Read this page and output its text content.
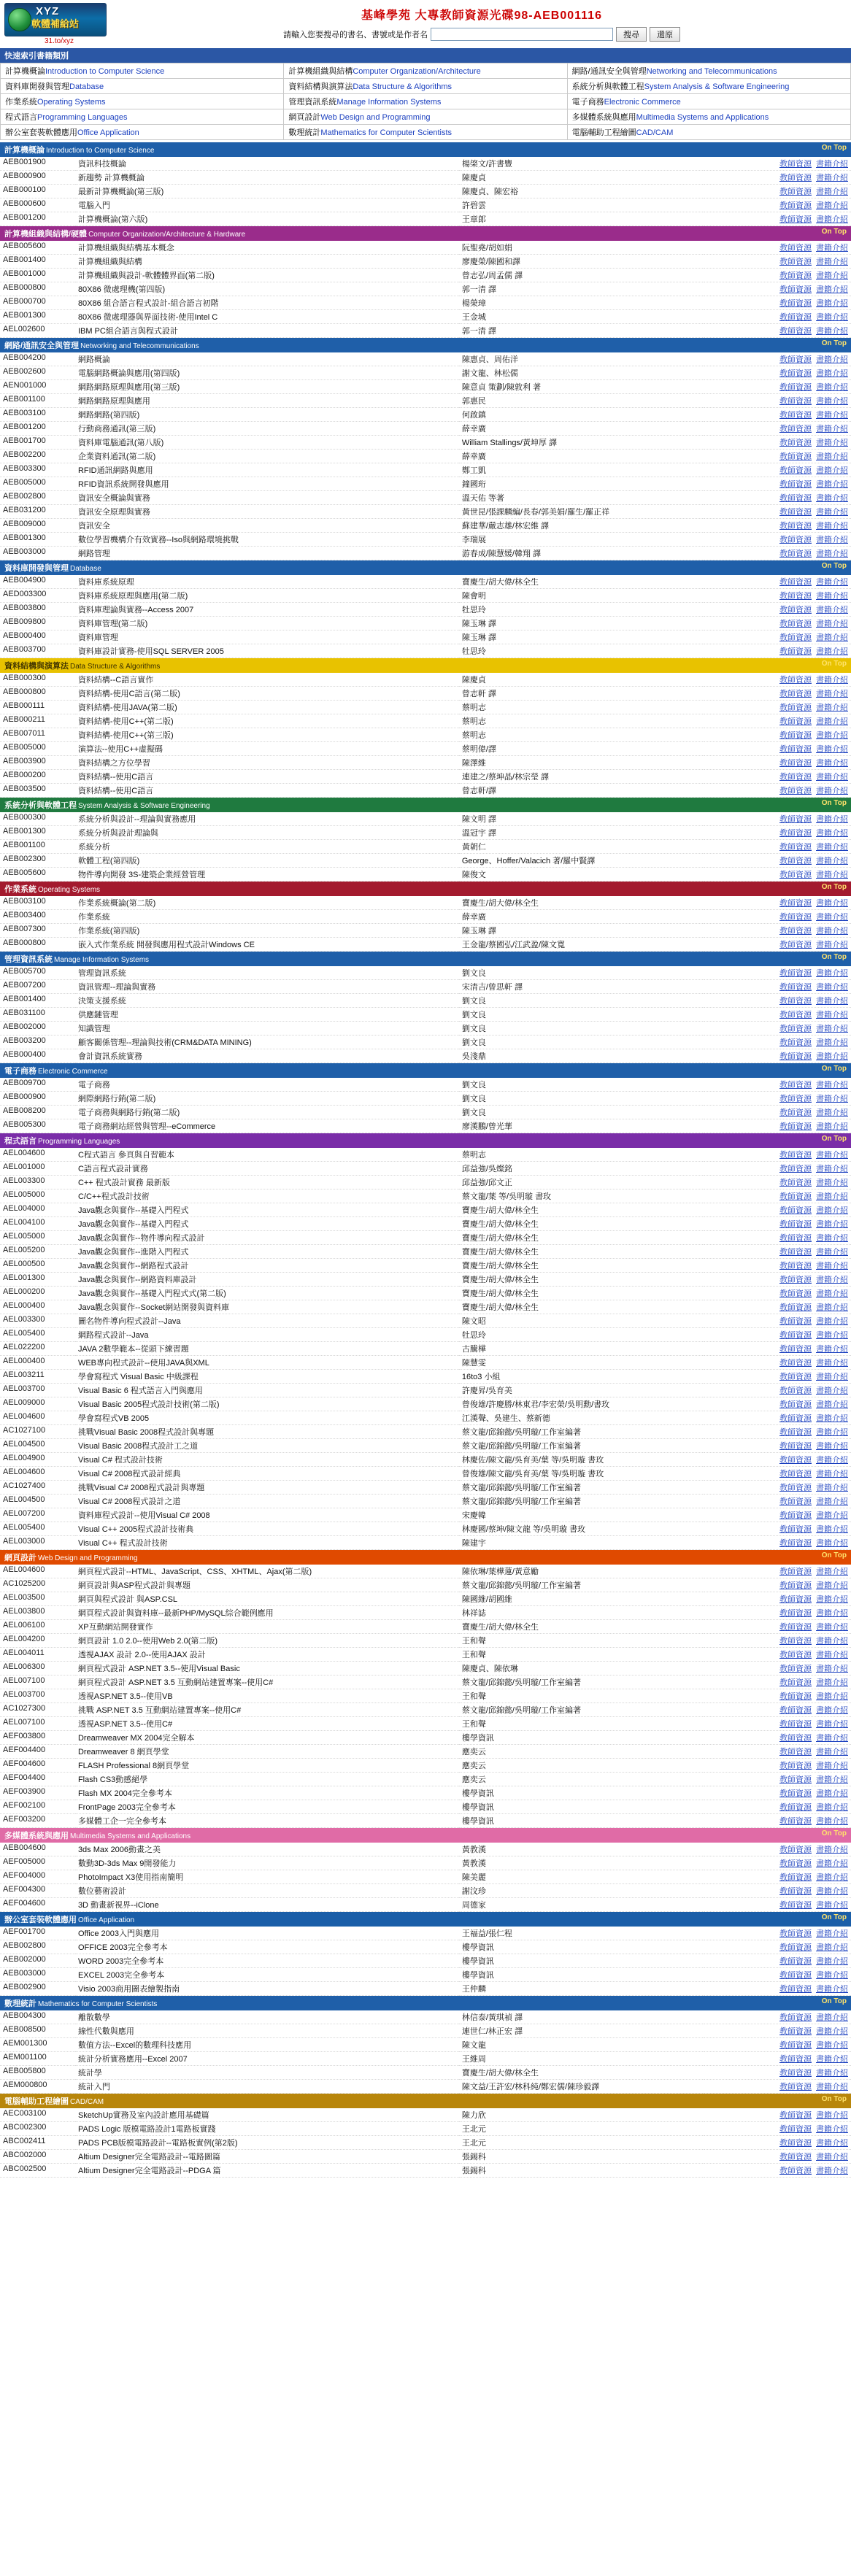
XYZ
軟體補給站
31.to/xyz
基峰學苑 大專教師資源光碟98-AEB001116
請輸入您要搜尋的書名、書號或是作者名	搜尋	還原
快速索引書籍類別
計算機概論Introduction to Computer Science	計算機組織與結構Computer Organization/Architecture	網路/通訊安全與管理Networking and Telecommunications
資料庫開發與管理Database	資料結構與演算法Data Structure & Algorithms	系統分析與軟體工程System Analysis & Software Engineering
作業系統Operating Systems	管理資訊系統Manage Information Systems	電子商務Electronic Commerce
程式語言Programming Languages	網頁設計Web Design and Programming	多媒體系統與應用Multimedia Systems and Applications
辦公室套裝軟體應用Office Application	數理統計Mathematics for Computer Scientists	電腦輔助工程繪圖CAD/CAM
計算機概論 Introduction to Computer Science On Top			

AEB001900	資訊科技概論	楊棨文/許書豐	教師資源 書籍介紹
AEB000900	新趨勢 計算機概論	陳慶貞	教師資源 書籍介紹
AEB000100	最新計算機概論(第三版)	陳慶貞、陳宏裕	教師資源 書籍介紹
AEB000600	電腦入門	許碧雲	教師資源 書籍介紹
AEB001200	計算機概論(第六版)	王章郎	教師資源 書籍介紹
計算機組織與結構/硬體 Computer Organization/Architecture & Hardware On Top			

AEB005600	計算機組織與結構基本概念	阮聖堯/胡如娟	教師資源 書籍介紹
AEB001400	計算機組織與結構	廖慶榮/陳國和譯	教師資源 書籍介紹
AEB001000	計算機組織與設計-軟體體界面(第二版)	曾志弘/周孟儒 譯	教師資源 書籍介紹
AEB000800	80X86 微處理機(第四版)	郭一清 譯	教師資源 書籍介紹
AEB000700	80X86 組合語言程式設計-組合語言初階	楊榮璋	教師資源 書籍介紹
AEB001300	80X86 微處理器與界面技術-使用Intel C	王金城	教師資源 書籍介紹
AEL002600	IBM PC組合語言與程式設計	郭一清 譯	教師資源 書籍介紹
網路/通訊安全與管理 Networking and Telecommunications On Top			

AEB004200	網路概論	陳惠貞、周佑洋	教師資源 書籍介紹
AEB002600	電腦網路概論與應用(第四版)	謝文龍、林松儒	教師資源 書籍介紹
AEN001000	網路網路原理與應用(第三版)	陳意貞 策劃/陳敦利 著	教師資源 書籍介紹
AEB001100	網路網路原理與應用	郭惠民	教師資源 書籍介紹
AEB003100	網路網路(第四版)	何啟鎮	教師資源 書籍介紹
AEB001200	行動商務通訊(第三版)	薛幸廣	教師資源 書籍介紹
AEB001700	資料庫電腦通訊(第八版)	William Stallings/黃坤厚 譯	教師資源 書籍介紹
AEB002200	企業資料通訊(第二版)	薛幸廣	教師資源 書籍介紹
AEB003300	RFID通訊網路與應用	鄭工凱	教師資源 書籍介紹
AEB005000	RFID資訊系統開發與應用	鐘國珩	教師資源 書籍介紹
AEB002800	資訊安全概論與實務	溫天佑 等著	教師資源 書籍介紹
AEB031200	資訊安全原理與實務	黃世昆/張課麟編/長春/郭美娟/羅生/羅正祥	教師資源 書籍介紹
AEB009000	資訊安全	蘇建華/嚴志雄/林宏維 譯	教師資源 書籍介紹
AEB001300	數位學習機構介有效實務--Iso與網路環境挑戰	李瑞展	教師資源 書籍介紹
AEB003000	網路管理	游春成/陳慧媛/韓翔 譯	教師資源 書籍介紹
資料庫開發與管理 Database On Top			

AEB004900	資料庫系統原理	寶慶生/胡大偉/林全生	教師資源 書籍介紹
AED003300	資料庫系統原理與應用(第二版)	陳會明	教師資源 書籍介紹
AEB003800	資料庫理論與實務--Access 2007	牡思玲	教師資源 書籍介紹
AEB009800	資料庫管理(第二版)	陳玉琳 譯	教師資源 書籍介紹
AEB000400	資料庫管理	陳玉琳 譯	教師資源 書籍介紹
AEB003700	資料庫設計實務-使用SQL SERVER 2005	牡思玲	教師資源 書籍介紹
資料結構與演算法 Data Structure & Algorithms On Top			

AEB000300	資料結構--C語言實作	陳慶貞	教師資源 書籍介紹
AEB000800	資料結構-使用C語言(第二版)	曾志軒 譯	教師資源 書籍介紹
AEB000111	資料結構-使用JAVA(第二版)	蔡明志	教師資源 書籍介紹
AEB000211	資料結構-使用C++(第二版)	蔡明志	教師資源 書籍介紹
AEB007011	資料結構-使用C++(第三版)	蔡明志	教師資源 書籍介紹
AEB005000	演算法--使用C++虛擬碼	蔡明偉/譯	教師資源 書籍介紹
AEB003900	資料結構之方位學習	陳澤維	教師資源 書籍介紹
AEB000200	資料結構--使用C語言	連建之/蔡坤晶/林宗瑩 譯	教師資源 書籍介紹
AEB003500	資料結構--使用C語言	曾志軒/譯	教師資源 書籍介紹
系統分析與軟體工程 System Analysis & Software Engineering On Top			

AEB000300	系統分析與設計--理論與實務應用	陳文明 譯	教師資源 書籍介紹
AEB001300	系統分析與設計理論與	溫冠宇 譯	教師資源 書籍介紹
AEB001100	系統分析	黃朝仁	教師資源 書籍介紹
AEB002300	軟體工程(第四版)	George、Hoffer/Valacich 著/羅中賢譯	教師資源 書籍介紹
AEB005600	物件導向開發 3S-建築企業經營管理	陳俊文	教師資源 書籍介紹
作業系統 Operating Systems On Top			

AEB003100	作業系統概論(第二版)	寶慶生/胡大偉/林全生	教師資源 書籍介紹
AEB003400	作業系統	薛幸廣	教師資源 書籍介紹
AEB007300	作業系統(第四版)	陳玉琳 譯	教師資源 書籍介紹
AEB000800	嵌入式作業系統 開發與應用程式設計Windows CE	王金龍/蔡國弘/江武盈/陳文寬	教師資源 書籍介紹
管理資訊系統 Manage Information Systems On Top			

AEB005700	管理資訊系統	劉文良	教師資源 書籍介紹
AEB007200	資訊管理--理論與實務	宋清吉/曾思軒 譯	教師資源 書籍介紹
AEB001400	決策支援系統	劉文良	教師資源 書籍介紹
AEB031100	供應鏈管理	劉文良	教師資源 書籍介紹
AEB002000	知識管理	劉文良	教師資源 書籍介紹
AEB003200	顧客關係管理--理論與技術(CRM&DATA MINING)	劉文良	教師資源 書籍介紹
AEB000400	會計資訊系統實務	吳淺鼎	教師資源 書籍介紹
電子商務 Electronic Commerce On Top			

AEB009700	電子商務	劉文良	教師資源 書籍介紹
AEB000900	網際網路行銷(第二版)	劉文良	教師資源 書籍介紹
AEB008200	電子商務與網路行銷(第二版)	劉文良	教師資源 書籍介紹
AEB005300	電子商務網站經營與管理--eCommerce	廖漢鵬/曾光華	教師資源 書籍介紹
程式語言 Programming Languages On Top			

AEL004600	C程式語言 參頁與自習範本	蔡明志	教師資源 書籍介紹
AEL001000	C語言程式設計實務	邱益強/吳燦銘	教師資源 書籍介紹
AEL003300	C++ 程式設計實務 最新版	邱益強/邱文正	教師資源 書籍介紹
AEL005000	C/C++程式設計技術	蔡文龍/葉 等/吳明璇 書玫	教師資源 書籍介紹
AEL004000	Java觀念與實作--基礎入門程式	寶慶生/胡大偉/林全生	教師資源 書籍介紹
AEL004100	Java觀念與實作--基礎入門程式	寶慶生/胡大偉/林全生	教師資源 書籍介紹
AEL005000	Java觀念與實作--物件導向程式設計	寶慶生/胡大偉/林全生	教師資源 書籍介紹
AEL005200	Java觀念與實作--進階入門程式	寶慶生/胡大偉/林全生	教師資源 書籍介紹
AEL000500	Java觀念與實作--網路程式設計	寶慶生/胡大偉/林全生	教師資源 書籍介紹
AEL001300	Java觀念與實作--網路資料庫設計	寶慶生/胡大偉/林全生	教師資源 書籍介紹
AEL000200	Java觀念與實作--基礎入門程式式(第二版)	寶慶生/胡大偉/林全生	教師資源 書籍介紹
AEL000400	Java觀念與實作--Socket網站開發與資料庫	寶慶生/胡大偉/林全生	教師資源 書籍介紹
AEL003300	圖名物件導向程式設計--Java	陳文昭	教師資源 書籍介紹
AEL005400	網路程式設計--Java	牡思玲	教師資源 書籍介紹
AEL022200	JAVA 2數學範本--從頭下練習題	古騰樺	教師資源 書籍介紹
AEL000400	WEB專向程式設計--使用JAVA與XML	陳慧雯	教師資源 書籍介紹
AEL003211	學會寫程式 Visual Basic 中級課程	16to3 小組	教師資源 書籍介紹
AEL003700	Visual Basic 6 程式語言入門與應用	許慶昇/吳育美	教師資源 書籍介紹
AEL009000	Visual Basic 2005程式設計技術(第二版)	曾俊雄/許慶勝/林東君/李宏榮/吳明勳/書玫	教師資源 書籍介紹
AEL004600	學會寫程式VB 2005	江漢聲、吳建生、蔡新德	教師資源 書籍介紹
AC1027100	挑戰Visual Basic 2008程式設計與專題	蔡文龍/邱錦懿/吳明璇/工作室編著	教師資源 書籍介紹
AEL004500	Visual Basic 2008程式設計工之道	蔡文龍/邱錦懿/吳明璇/工作室編著	教師資源 書籍介紹
AEL004900	Visual C# 程式設計技術	林慶佐/陳文龍/吳育美/葉 等/吳明璇 書玫	教師資源 書籍介紹
AEL004600	Visual C# 2008程式設計經典	曾俊雄/陳文龍/吳育美/葉 等/吳明璇 書玫	教師資源 書籍介紹
AC1027400	挑戰Visual C# 2008程式設計與專題	蔡文龍/邱錦懿/吳明璇/工作室編著	教師資源 書籍介紹
AEL004500	Visual C# 2008程式設計之道	蔡文龍/邱錦懿/吳明璇/工作室編著	教師資源 書籍介紹
AEL007200	資料庫程式設計--使用Visual C# 2008	宋慶韓	教師資源 書籍介紹
AEL005400	Visual C++ 2005程式設計技術典	林慶國/蔡坤/陳文龍 等/吳明璇 書玫	教師資源 書籍介紹
AEL003000	Visual C++ 程式設計技術	陳建宇	教師資源 書籍介紹
網頁設計 Web Design and Programming On Top			

AEL004600	網頁程式設計--HTML、JavaScript、CSS、XHTML、Ajax(第二版)	陳依琳/葉樺蓮/黃意勵	教師資源 書籍介紹
AC1025200	網頁設計與ASP程式設計與專題	蔡文龍/邱錦懿/吳明璇/工作室編著	教師資源 書籍介紹
AEL003500	網頁與程式設計 與ASP.CSL	陳國維/胡國維	教師資源 書籍介紹
AEL003800	網頁程式設計與資料庫--最新PHP/MySQL綜合範例應用	林祥誌	教師資源 書籍介紹
AEL006100	XP互動網站開發實作	寶慶生/胡大偉/林全生	教師資源 書籍介紹
AEL004200	網頁設計 1.0 2.0--使用Web 2.0(第二版)	王和聲	教師資源 書籍介紹
AEL004011	透視AJAX 設計 2.0--使用AJAX 設計	王和聲	教師資源 書籍介紹
AEL006300	網頁程式設計 ASP.NET 3.5--使用Visual Basic	陳慶貞、陳依琳	教師資源 書籍介紹
AEL007100	網頁程式設計 ASP.NET 3.5 互動網站建置專案--使用C#	蔡文龍/邱錦懿/吳明璇/工作室編著	教師資源 書籍介紹
AEL003700	透視ASP.NET 3.5--使用VB	王和聲	教師資源 書籍介紹
AC1027300	挑戰 ASP.NET 3.5 互動網站建置專案--使用C#	蔡文龍/邱錦懿/吳明璇/工作室編著	教師資源 書籍介紹
AEL007100	透視ASP.NET 3.5--使用C#	王和聲	教師資源 書籍介紹
AEF003800	Dreamweaver MX 2004完全解本	樓學資訊	教師資源 書籍介紹
AEF004400	Dreamweaver 8 網頁學堂	應奕云	教師資源 書籍介紹
AEF004600	FLASH Professional 8網頁學堂	應奕云	教師資源 書籍介紹
AEF004400	Flash CS3動感絕學	應奕云	教師資源 書籍介紹
AEF003900	Flash MX 2004完全參考本	樓學資訊	教師資源 書籍介紹
AEF002100	FrontPage 2003完全參考本	樓學資訊	教師資源 書籍介紹
AEF003200	多媒體工企一完全參考本	樓學資訊	教師資源 書籍介紹
多媒體系統與應用 Multimedia Systems and Applications On Top			

AEB004600	3ds Max 2006動畫之美	黃教漢	教師資源 書籍介紹
AEF005000	數動3D-3ds Max 9開發能力	黃教漢	教師資源 書籍介紹
AEF004000	PhotoImpact X3使用指南簡明	陳美麗	教師資源 書籍介紹
AEF004300	數位藝術設計	謝汶珍	教師資源 書籍介紹
AEF004600	3D 動畫新視界--iClone	周德家	教師資源 書籍介紹
辦公室套裝軟體應用 Office Application On Top			

AEF001700	Office 2003入門與應用	王福益/張仁程	教師資源 書籍介紹
AEB002800	OFFICE 2003完全參考本	樓學資訊	教師資源 書籍介紹
AEB002000	WORD 2003完全參考本	樓學資訊	教師資源 書籍介紹
AEB003000	EXCEL 2003完全參考本	樓學資訊	教師資源 書籍介紹
AEB002900	Visio 2003商用圖表繪製指南	王仲麟	教師資源 書籍介紹
數理統計 Mathematics for Computer Scientists On Top			

AEB004300	離散數學	林信泰/黃琪禎 譯	教師資源 書籍介紹
AEB008500	線性代數與應用	連世仁/林正宏 譯	教師資源 書籍介紹
AEM001300	數值方法--Excel的數理科技應用	陳文龍	教師資源 書籍介紹
AEM001100	統計分析實務應用--Excel 2007	王維周	教師資源 書籍介紹
AEB005800	統計學	寶慶生/胡大偉/林全生	教師資源 書籍介紹
AEM000800	統計入門	陳文益/王許宏/林科純/鄭宏儒/陳珍毅譯	教師資源 書籍介紹
電腦輔助工程繪圖 CAD/CAM On Top			

AEC003100	SketchUp實務及室內設計應用基礎篇	陳力欣	教師資源 書籍介紹
ABC002300	PADS Logic 版模電路設計1電路板實踐	王北元	教師資源 書籍介紹
ABC002411	PADS PCB版模電路設計--電路板實例(第2版)	王北元	教師資源 書籍介紹
ABC002000	Altium Designer完全電路設計--電路圖篇	張錫科	教師資源 書籍介紹
ABC002500	Altium Designer完全電路設計--PDGA 篇	張錫科	教師資源 書籍介紹
